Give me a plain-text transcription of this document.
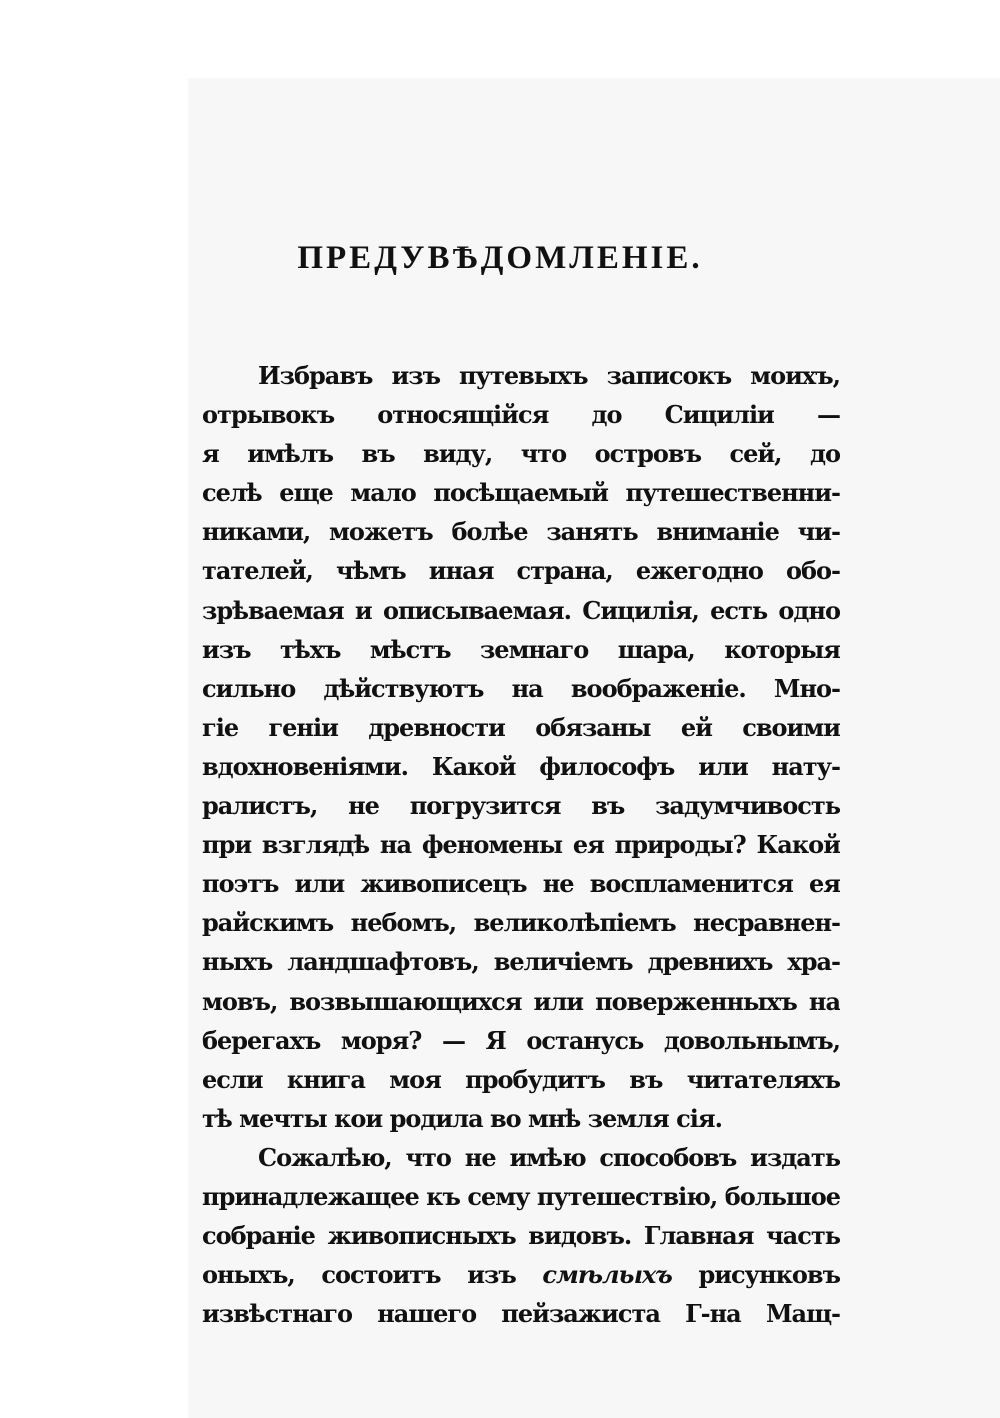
ПРЕДУВѢДОМЛЕНІЕ.
Избравъ изъ путевыхъ записокъ моихъ,
отрывокъ относящійся до Сициліи —
я имѣлъ въ виду, что островъ сей, до
селѣ еще мало посѣщаемый путешественни-
никами, можетъ болѣе занять вниманіе чи-
тателей, чѣмъ иная страна, ежегодно обо-
зрѣваемая и описываемая. Сицилія, есть одно
изъ тѣхъ мѣстъ земнаго шара, которыя
сильно дѣйствуютъ на воображеніе. Мно-
гіе геніи древности обязаны ей своими
вдохновеніями. Какой философъ или нату-
ралистъ, не погрузится въ задумчивость
при взглядѣ на феномены ея природы? Какой
поэтъ или живописецъ не воспламенится ея
райскимъ небомъ, великолѣпіемъ несравнен-
ныхъ ландшафтовъ, величіемъ древнихъ хра-
мовъ, возвышающихся или поверженныхъ на
берегахъ моря? — Я останусь довольнымъ,
если книга моя пробудитъ въ читателяхъ
тѣ мечты кои родила во мнѣ земля сія.
Сожалѣю, что не имѣю способовъ издать
принадлежащее къ сему путешествію, большое
собраніе живописныхъ видовъ. Главная часть
оныхъ, состоитъ изъ смѣлыхъ рисунковъ
извѣстнаго нашего пейзажиста Г-на Мащ-
